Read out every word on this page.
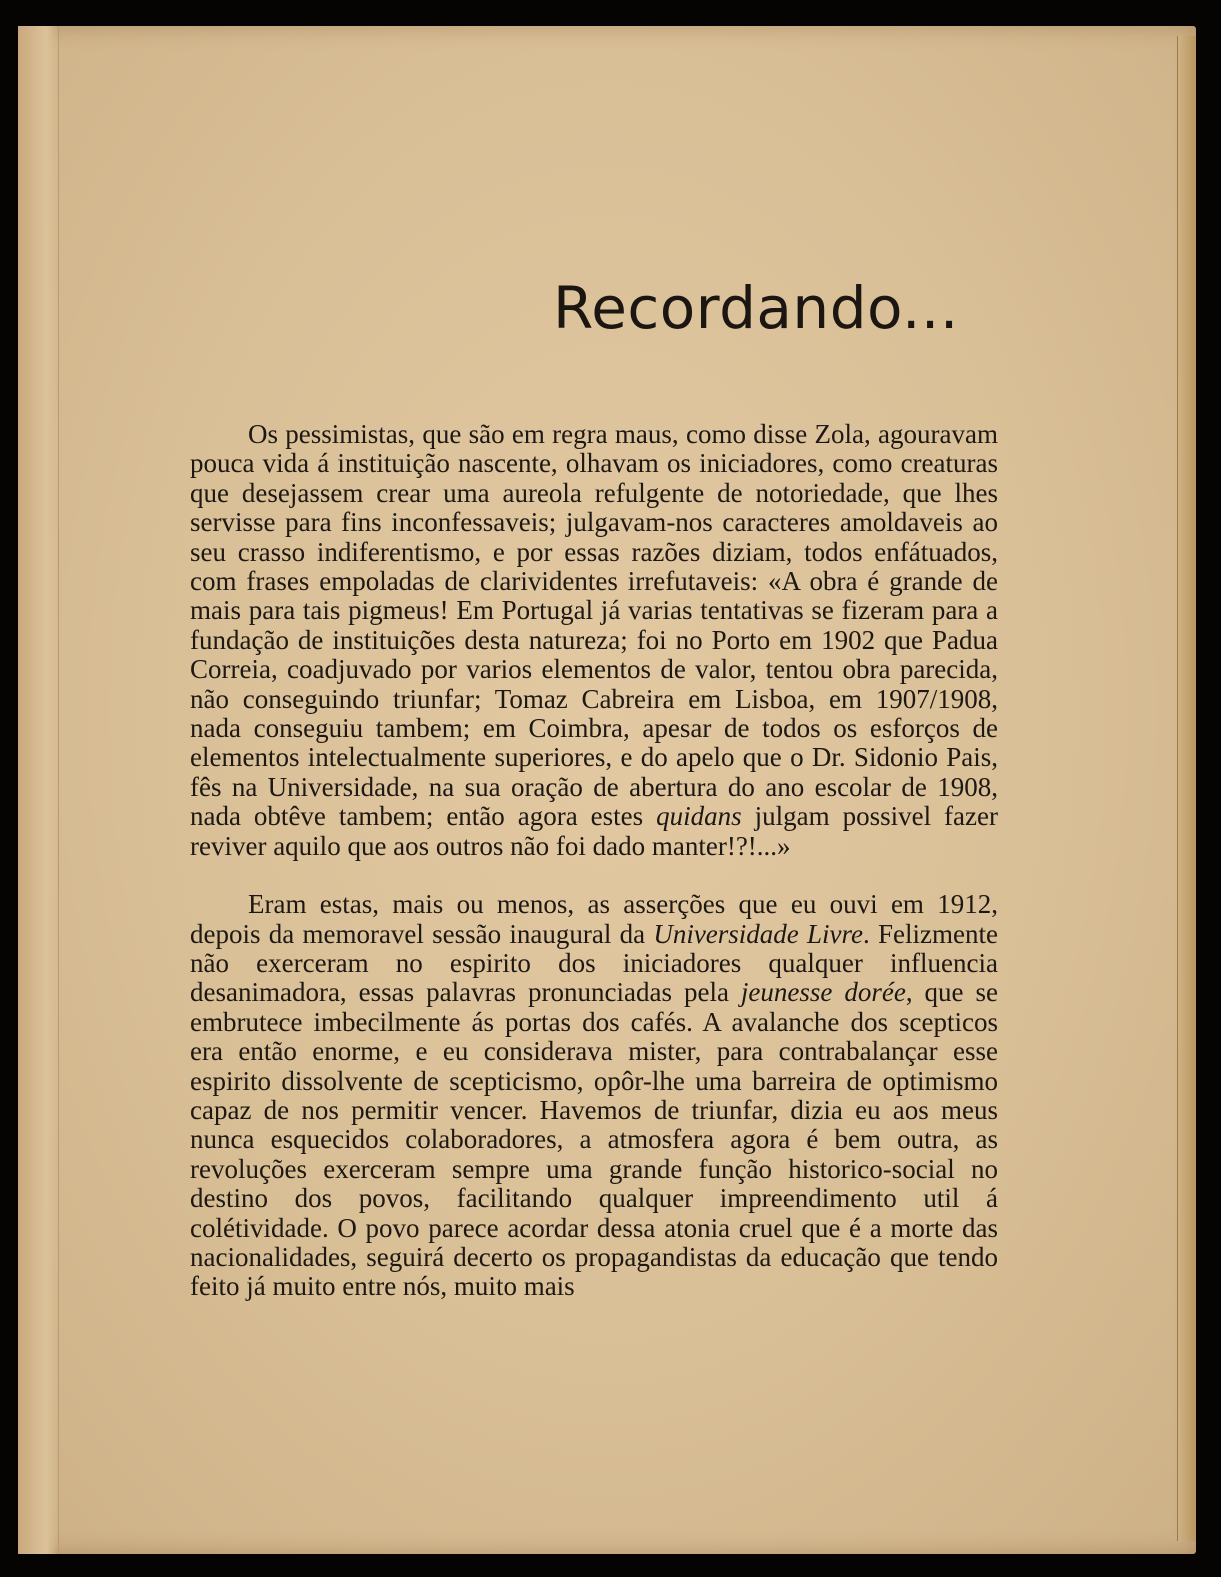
Recordando...

Os pessimistas, que são em regra maus, como disse Zola, agouravam pouca vida á instituição nascente, olhavam os iniciadores, como creaturas que desejassem crear uma aureola refulgente de notoriedade, que lhes servisse para fins inconfessaveis; julgavam-nos caracteres amoldaveis ao seu crasso indiferentismo, e por essas razões diziam, todos enfátuados, com frases empoladas de clarividentes irrefutaveis: «A obra é grande de mais para tais pigmeus! Em Portugal já varias tentativas se fizeram para a fundação de instituições desta natureza; foi no Porto em 1902 que Padua Correia, coadjuvado por varios elementos de valor, tentou obra parecida, não conseguindo triunfar; Tomaz Cabreira em Lisboa, em 1907/1908, nada conseguiu tambem; em Coimbra, apesar de todos os esforços de elementos intelectualmente superiores, e do apelo que o Dr. Sidonio Pais, fês na Universidade, na sua oração de abertura do ano escolar de 1908, nada obtêve tambem; então agora estes quidans julgam possivel fazer reviver aquilo que aos outros não foi dado manter!?!...»

Eram estas, mais ou menos, as asserções que eu ouvi em 1912, depois da memoravel sessão inaugural da Universidade Livre. Felizmente não exerceram no espirito dos iniciadores qualquer influencia desanimadora, essas palavras pronunciadas pela jeunesse dorée, que se embrutece imbecilmente ás portas dos cafés. A avalanche dos scepticos era então enorme, e eu considerava mister, para contrabalançar esse espirito dissolvente de scepticismo, opôr-lhe uma barreira de optimismo capaz de nos permitir vencer. Havemos de triunfar, dizia eu aos meus nunca esquecidos colaboradores, a atmosfera agora é bem outra, as revoluções exerceram sempre uma grande função historico-social no destino dos povos, facilitando qualquer impreendimento util á colétividade. O povo parece acordar dessa atonia cruel que é a morte das nacionalidades, seguirá decerto os propagandistas da educação que tendo feito já muito entre nós, muito mais
